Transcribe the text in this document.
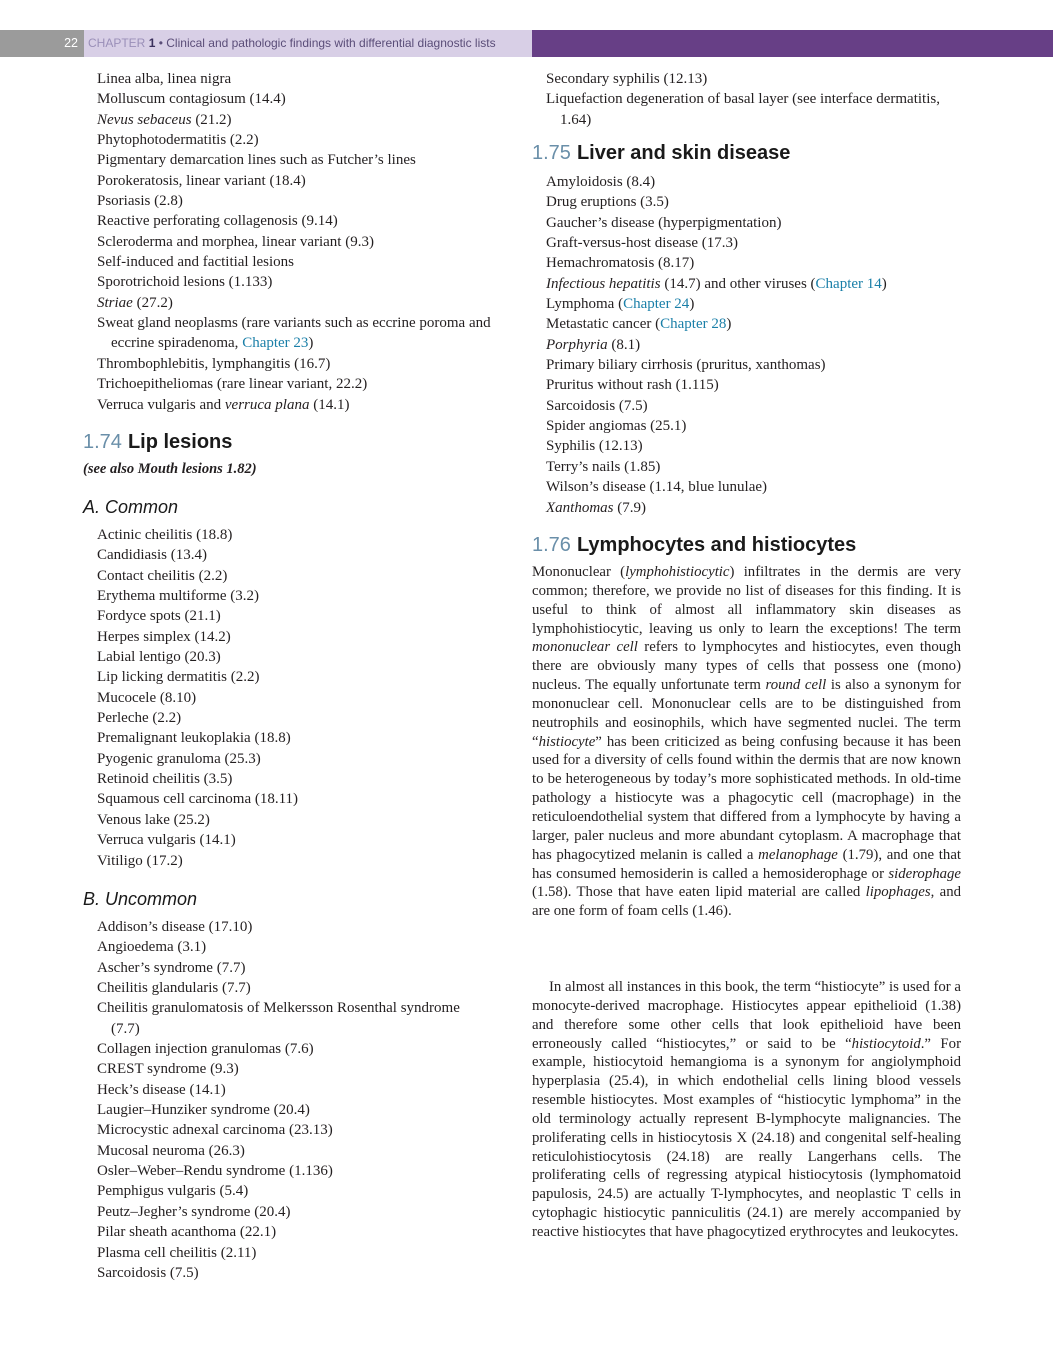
22 CHAPTER 1 • Clinical and pathologic findings with differential diagnostic lists
Linea alba, linea nigra
Molluscum contagiosum (14.4)
Nevus sebaceus (21.2)
Phytophotodermatitis (2.2)
Pigmentary demarcation lines such as Futcher’s lines
Porokeratosis, linear variant (18.4)
Psoriasis (2.8)
Reactive perforating collagenosis (9.14)
Scleroderma and morphea, linear variant (9.3)
Self-induced and factitial lesions
Sporotrichoid lesions (1.133)
Striae (27.2)
Sweat gland neoplasms (rare variants such as eccrine poroma and eccrine spiradenoma, Chapter 23)
Thrombophlebitis, lymphangitis (16.7)
Trichoepitheliomas (rare linear variant, 22.2)
Verruca vulgaris and verruca plana (14.1)
1.74 Lip lesions
(see also Mouth lesions 1.82)
A. Common
Actinic cheilitis (18.8)
Candidiasis (13.4)
Contact cheilitis (2.2)
Erythema multiforme (3.2)
Fordyce spots (21.1)
Herpes simplex (14.2)
Labial lentigo (20.3)
Lip licking dermatitis (2.2)
Mucocele (8.10)
Perleche (2.2)
Premalignant leukoplakia (18.8)
Pyogenic granuloma (25.3)
Retinoid cheilitis (3.5)
Squamous cell carcinoma (18.11)
Venous lake (25.2)
Verruca vulgaris (14.1)
Vitiligo (17.2)
B. Uncommon
Addison’s disease (17.10)
Angioedema (3.1)
Ascher’s syndrome (7.7)
Cheilitis glandularis (7.7)
Cheilitis granulomatosis of Melkersson Rosenthal syndrome (7.7)
Collagen injection granulomas (7.6)
CREST syndrome (9.3)
Heck’s disease (14.1)
Laugier–Hunziker syndrome (20.4)
Microcystic adnexal carcinoma (23.13)
Mucosal neuroma (26.3)
Osler–Weber–Rendu syndrome (1.136)
Pemphigus vulgaris (5.4)
Peutz–Jegher’s syndrome (20.4)
Pilar sheath acanthoma (22.1)
Plasma cell cheilitis (2.11)
Sarcoidosis (7.5)
Secondary syphilis (12.13)
Liquefaction degeneration of basal layer (see interface dermatitis, 1.64)
1.75 Liver and skin disease
Amyloidosis (8.4)
Drug eruptions (3.5)
Gaucher’s disease (hyperpigmentation)
Graft-versus-host disease (17.3)
Hemachromatosis (8.17)
Infectious hepatitis (14.7) and other viruses (Chapter 14)
Lymphoma (Chapter 24)
Metastatic cancer (Chapter 28)
Porphyria (8.1)
Primary biliary cirrhosis (pruritus, xanthomas)
Pruritus without rash (1.115)
Sarcoidosis (7.5)
Spider angiomas (25.1)
Syphilis (12.13)
Terry’s nails (1.85)
Wilson’s disease (1.14, blue lunulae)
Xanthomas (7.9)
1.76 Lymphocytes and histiocytes

Mononuclear (lymphohistiocytic) infiltrates in the dermis are very common; therefore, we provide no list of diseases for this finding. It is useful to think of almost all inflammatory skin diseases as lymphohistiocytic, leaving us only to learn the exceptions! The term mononuclear cell refers to lymphocytes and histiocytes, even though there are obviously many types of cells that possess one (mono) nucleus. The equally unfortunate term round cell is also a synonym for mononuclear cell. Mononuclear cells are to be distinguished from neutrophils and eosinophils, which have segmented nuclei. The term “histiocyte” has been criticized as being confusing because it has been used for a diversity of cells found within the dermis that are now known to be heterogeneous by today’s more sophisticated methods. In old-time pathology a histiocyte was a phagocytic cell (macrophage) in the reticuloendothelial system that differed from a lymphocyte by having a larger, paler nucleus and more abundant cytoplasm. A macrophage that has phagocytized melanin is called a melanophage (1.79), and one that has consumed hemosiderin is called a hemosiderophage or siderophage (1.58). Those that have eaten lipid material are called lipophages, and are one form of foam cells (1.46).

In almost all instances in this book, the term “histiocyte” is used for a monocyte-derived macrophage. Histiocytes appear epithelioid (1.38) and therefore some other cells that look epithelioid have been erroneously called “histiocytes,” or said to be “histiocytoid.” For example, histiocytoid hemangioma is a synonym for angiolymphoid hyperplasia (25.4), in which endothelial cells lining blood vessels resemble histiocytes. Most examples of “histiocytic lymphoma” in the old terminology actually represent B-lymphocyte malignancies. The proliferating cells in histiocytosis X (24.18) and congenital self-healing reticulohistiocytosis (24.18) are really Langerhans cells. The proliferating cells of regressing atypical histiocytosis (lymphomatoid papulosis, 24.5) are actually T-lymphocytes, and neoplastic T cells in cytophagic histiocytic panniculitis (24.1) are merely accompanied by reactive histiocytes that have phagocytized erythrocytes and leukocytes.
